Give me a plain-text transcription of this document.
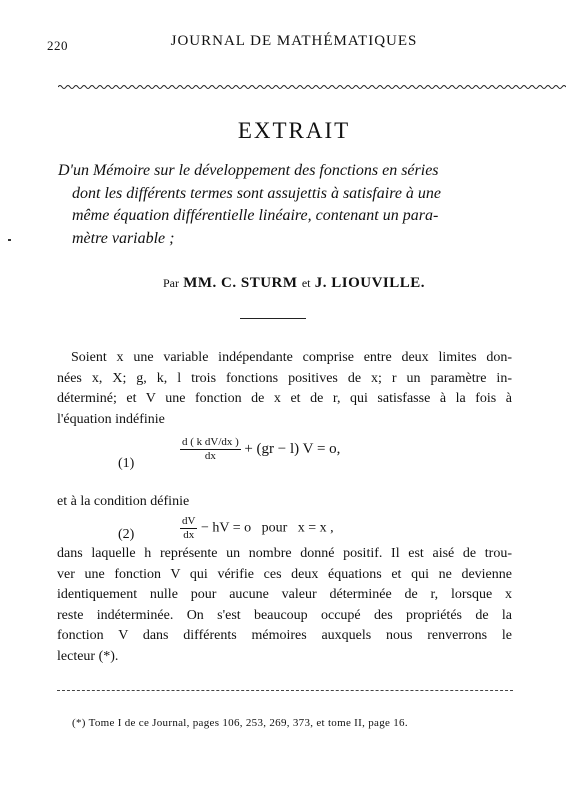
220	JOURNAL DE MATHÉMATIQUES
EXTRAIT
D'un Mémoire sur le développement des fonctions en séries
dont les différents termes sont assujettis à satisfaire à une
même équation différentielle linéaire, contenant un para-
mètre variable ;
Par MM. C. STURM et J. LIOUVILLE.
Soient x une variable indépendante comprise entre deux limites don-
nées x, X; g, k, l trois fonctions positives de x; r un paramètre in-
déterminé; et V une fonction de x et de r, qui satisfasse à la fois à
l'équation indéfinie
(1)
$\frac{\text{d ( k dV/dx )}}{dx} + (gr - l) V = o$,
et à la condition définie
(2)	$\frac{dV}{dx}$ − hV = o   pour   x = x ,
dans laquelle h représente un nombre donné positif. Il est aisé de trou-
ver une fonction V qui vérifie ces deux équations et qui ne devienne
identiquement nulle pour aucune valeur déterminée de r, lorsque x
reste indéterminée. On s'est beaucoup occupé des propriétés de la
fonction V dans différents mémoires auxquels nous renverrons le
lecteur (*).
(*) Tome I de ce Journal, pages 106, 253, 269, 373, et tome II, page 16.
